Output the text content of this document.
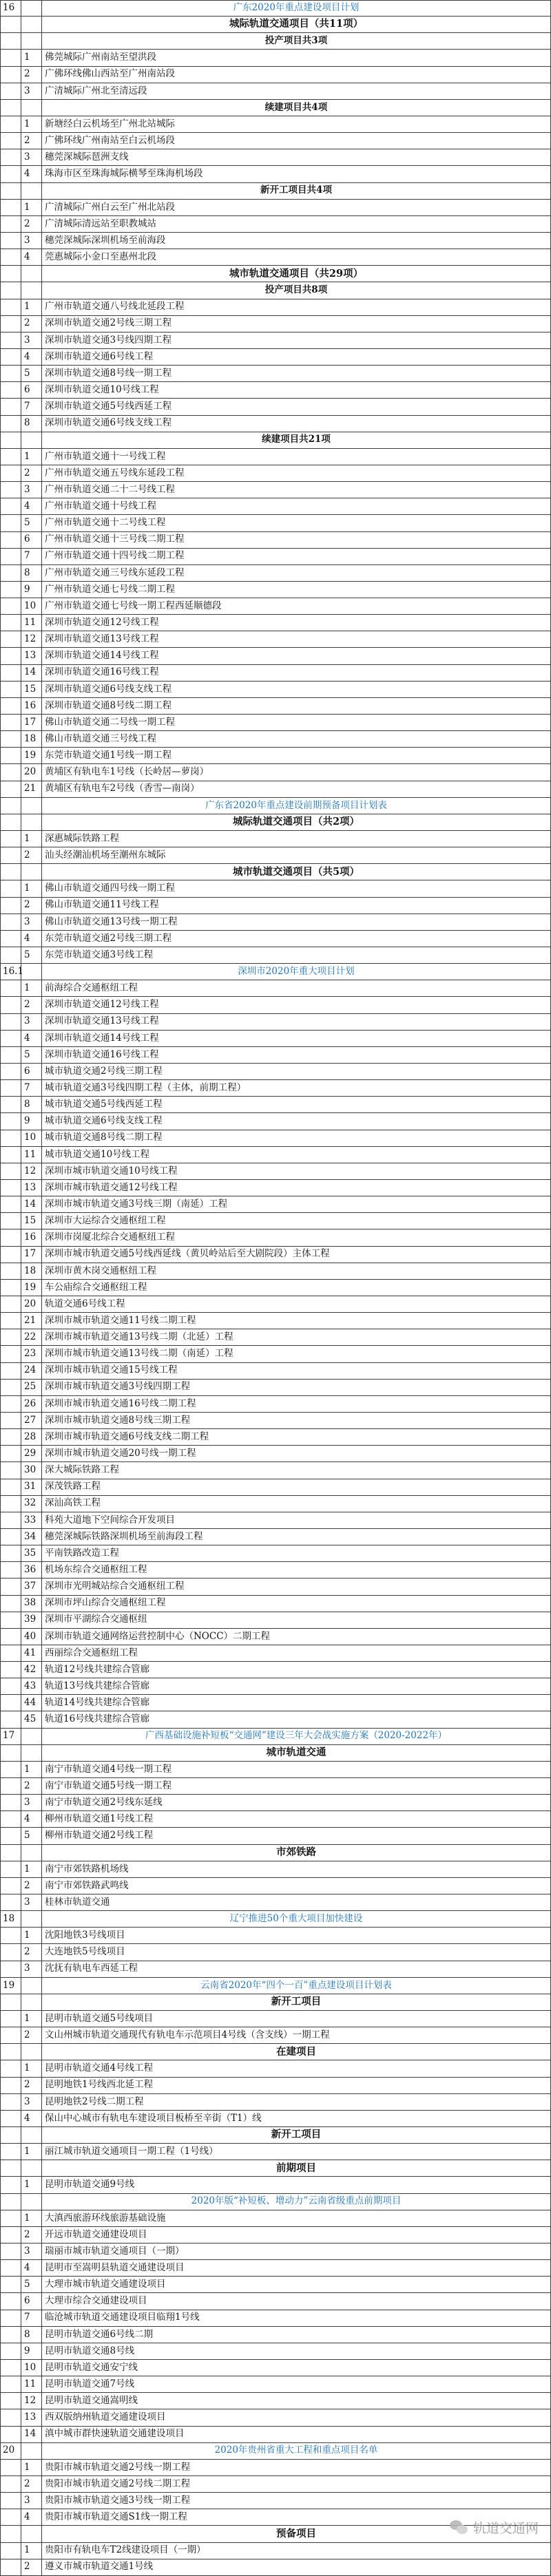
16	广东2020年重点建设项目计划
城际轨道交通项目（共11项）
投产项目共3项
1	佛莞城际广州南站至望洪段
2	广佛环线佛山西站至广州南站段
3	广清城际广州北至清远段
续建项目共4项
1	新塘经白云机场至广州北站城际
2	广佛环线广州南站至白云机场段
3	穗莞深城际琶洲支线
4	珠海市区至珠海城际横琴至珠海机场段
新开工项目共4项
1	广清城际广州白云至广州北站段
2	广清城际清远站至职教城站
3	穗莞深城际深圳机场至前海段
4	莞惠城际小金口至惠州北段
城市轨道交通项目（共29项）
投产项目共8项
1	广州市轨道交通八号线北延段工程
2	深圳市轨道交通2号线三期工程
3	深圳市轨道交通3号线四期工程
4	深圳市轨道交通6号线工程
5	深圳市轨道交通8号线一期工程
6	深圳市轨道交通10号线工程
7	深圳市轨道交通5号线西延工程
8	深圳市轨道交通6号线支线工程
续建项目共21项
1	广州市轨道交通十一号线工程
2	广州市轨道交通五号线东延段工程
3	广州市轨道交通二十二号线工程
4	广州市轨道交通十号线工程
5	广州市轨道交通十二号线工程
6	广州市轨道交通十三号线二期工程
7	广州市轨道交通十四号线二期工程
8	广州市轨道交通三号线东延段工程
9	广州市轨道交通七号线二期工程
10 广州市轨道交通七号线一期工程西延顺德段
11 深圳市轨道交通12号线工程
12 深圳市轨道交通13号线工程
13 深圳市轨道交通14号线工程
14 深圳市轨道交通16号线工程
15 深圳市轨道交通6号线支线工程
16 深圳市轨道交通8号线二期工程
17 佛山市轨道交通二号线一期工程
18 佛山市轨道交通三号线工程
19 东莞市轨道交通1号线一期工程
20 黄埔区有轨电车1号线（长岭居—萝岗）
21 黄埔区有轨电车2号线（香雪—南岗）
广东省2020年重点建设前期预备项目计划表
城际轨道交通项目（共2项）
1	深惠城际铁路工程
2	汕头经潮汕机场至潮州东城际
城市轨道交通项目（共5项）
1	佛山市轨道交通四号线一期工程
2	佛山市轨道交通11号线工程
3	佛山市轨道交通13号线一期工程
4	东莞市轨道交通2号线三期工程
5	东莞市轨道交通3号线工程
16.1	深圳市2020年重大项目计划
1	前海综合交通枢纽工程
2	深圳市轨道交通12号线工程
3	深圳市轨道交通13号线工程
4	深圳市轨道交通14号线工程
5	深圳市轨道交通16号线工程
6	城市轨道交通2号线三期工程
7	城市轨道交通3号线四期工程（主体，前期工程）
8	城市轨道交通5号线西延工程
9	城市轨道交通6号线支线工程
10 城市轨道交通8号线二期工程
11 城市轨道交通10号线工程
12 深圳市城市轨道交通10号线工程
13 深圳市城市轨道交通12号线工程
14 深圳市城市轨道交通3号线三期（南延）工程
15 深圳市大运综合交通枢纽工程
16 深圳市岗厦北综合交通枢纽工程
17 深圳市城市轨道交通5号线西延线（黄贝岭站后至大剧院段）主体工程
18 深圳市黄木岗交通枢纽工程
19 车公庙综合交通枢纽工程
20 轨道交通6号线工程
21 深圳市城市轨道交通11号线二期工程
22 深圳市城市轨道交通13号线二期（北延）工程
23 深圳市城市轨道交通13号线二期（南延）工程
24 深圳市城市轨道交通15号线工程
25 深圳市城市轨道交通3号线四期工程
26 深圳市城市轨道交通16号线二期工程
27 深圳市城市轨道交通8号线三期工程
28 深圳市城市轨道交通6号线支线二期工程
29 深圳市城市轨道交通20号线一期工程
30 深大城际铁路工程
31 深茂铁路工程
32 深汕高铁工程
33 科苑大道地下空间综合开发项目
34 穗莞深城际铁路深圳机场至前海段工程
35 平南铁路改造工程
36 机场东综合交通枢纽工程
37 深圳市光明城站综合交通枢纽工程
38 深圳市坪山综合交通枢纽工程
39 深圳市平湖综合交通枢纽
40 深圳市轨道交通网络运营控制中心（NOCC）二期工程
41 西丽综合交通枢纽工程
42 轨道12号线共建综合管廊
43 轨道13号线共建综合管廊
44 轨道14号线共建综合管廊
45 轨道16号线共建综合管廊
17	广西基础设施补短板“交通网”建设三年大会战实施方案（2020-2022年）
城市轨道交通
1	南宁市轨道交通4号线一期工程
2	南宁市轨道交通5号线一期工程
3	南宁市轨道交通2号线东延线
4	柳州市轨道交通1号线工程
5	柳州市轨道交通2号线工程
市郊铁路
1	南宁市郊铁路机场线
2	南宁市郊铁路武鸣线
3	桂林市轨道交通
18	辽宁推进50个重大项目加快建设
1	沈阳地铁3号线项目
2	大连地铁5号线项目
3	沈抚有轨电车西延工程
19	云南省2020年“四个一百”重点建设项目计划表
新开工项目
1	昆明市轨道交通5号线项目
2	文山州城市轨道交通现代有轨电车示范项目4号线（含支线）一期工程
在建项目
1	昆明市轨道交通4号线工程
2	昆明地铁1号线西北延工程
3	昆明地铁2号线二期工程
4	保山中心城市有轨电车建设项目板桥至辛街（T1）线
新开工项目
1	丽江城市轨道交通项目一期工程（1号线）
前期项目
1	昆明市轨道交通9号线
2020年版“补短板、增动力”云南省级重点前期项目
1	大滇西旅游环线旅游基础设施
2	开远市轨道交通建设项目
3	瑞丽市城市轨道交通项目（一期）
4	昆明市至嵩明县轨道交通建设项目
5	大理市城市轨道交通建设项目
6	大理市综合交通建设项目
7	临沧城市轨道交通建设项目临翔1号线
8	昆明市轨道交通6号线二期
9	昆明市轨道交通8号线
10 昆明市轨道交通安宁线
11 昆明市轨道交通7号线
12 昆明市轨道交通嵩明线
13 西双版纳州轨道交通建设项目
14 滇中城市群快速轨道交通建设项目
20	2020年贵州省重大工程和重点项目名单
1	贵阳市城市轨道交通2号线一期工程
2	贵阳市城市轨道交通2号线二期工程
3	贵阳市城市轨道交通3号线一期工程
4	贵阳市城市轨道交通S1线一期工程
预备项目
1	贵阳市有轨电车T2线建设项目（一期）
2	遵义市城市轨道交通1号线
轨道交通网
